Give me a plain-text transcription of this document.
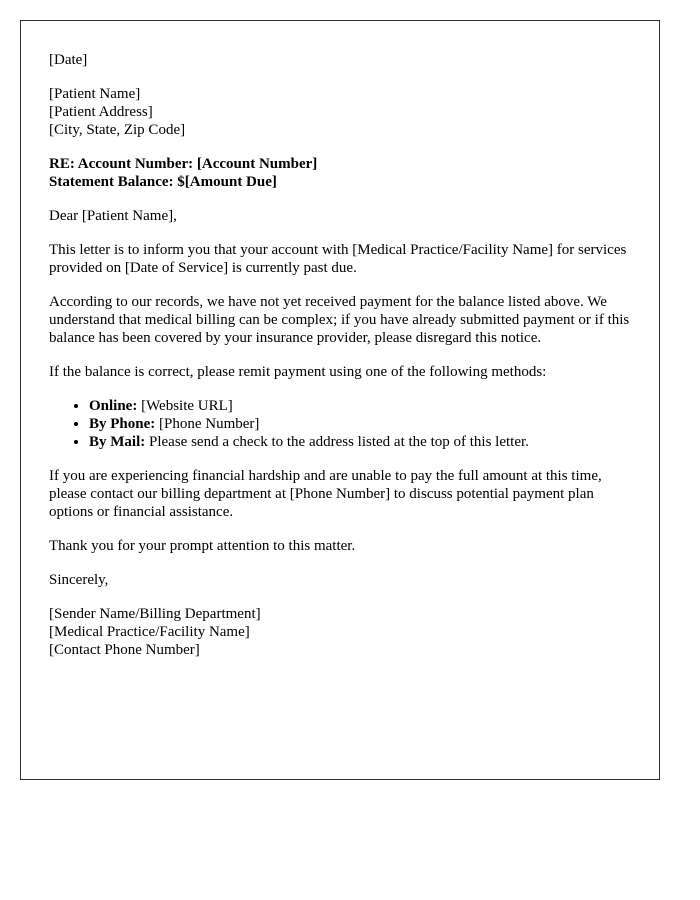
[Date]

[Patient Name]

[Patient Address]

[City, State, Zip Code]

RE: Account Number: [Account Number]

Statement Balance: $[Amount Due]

Dear [Patient Name],

This letter is to inform you that your account with [Medical Practice/Facility Name] for services provided on [Date of Service] is currently past due.

According to our records, we have not yet received payment for the balance listed above. We understand that medical billing can be complex; if you have already submitted payment or if this balance has been covered by your insurance provider, please disregard this notice.

If the balance is correct, please remit payment using one of the following methods:

• Online: [Website URL]
• By Phone: [Phone Number]
• By Mail: Please send a check to the address listed at the top of this letter.

If you are experiencing financial hardship and are unable to pay the full amount at this time, please contact our billing department at [Phone Number] to discuss potential payment plan options or financial assistance.

Thank you for your prompt attention to this matter.

Sincerely,

[Sender Name/Billing Department]

[Medical Practice/Facility Name]

[Contact Phone Number]
